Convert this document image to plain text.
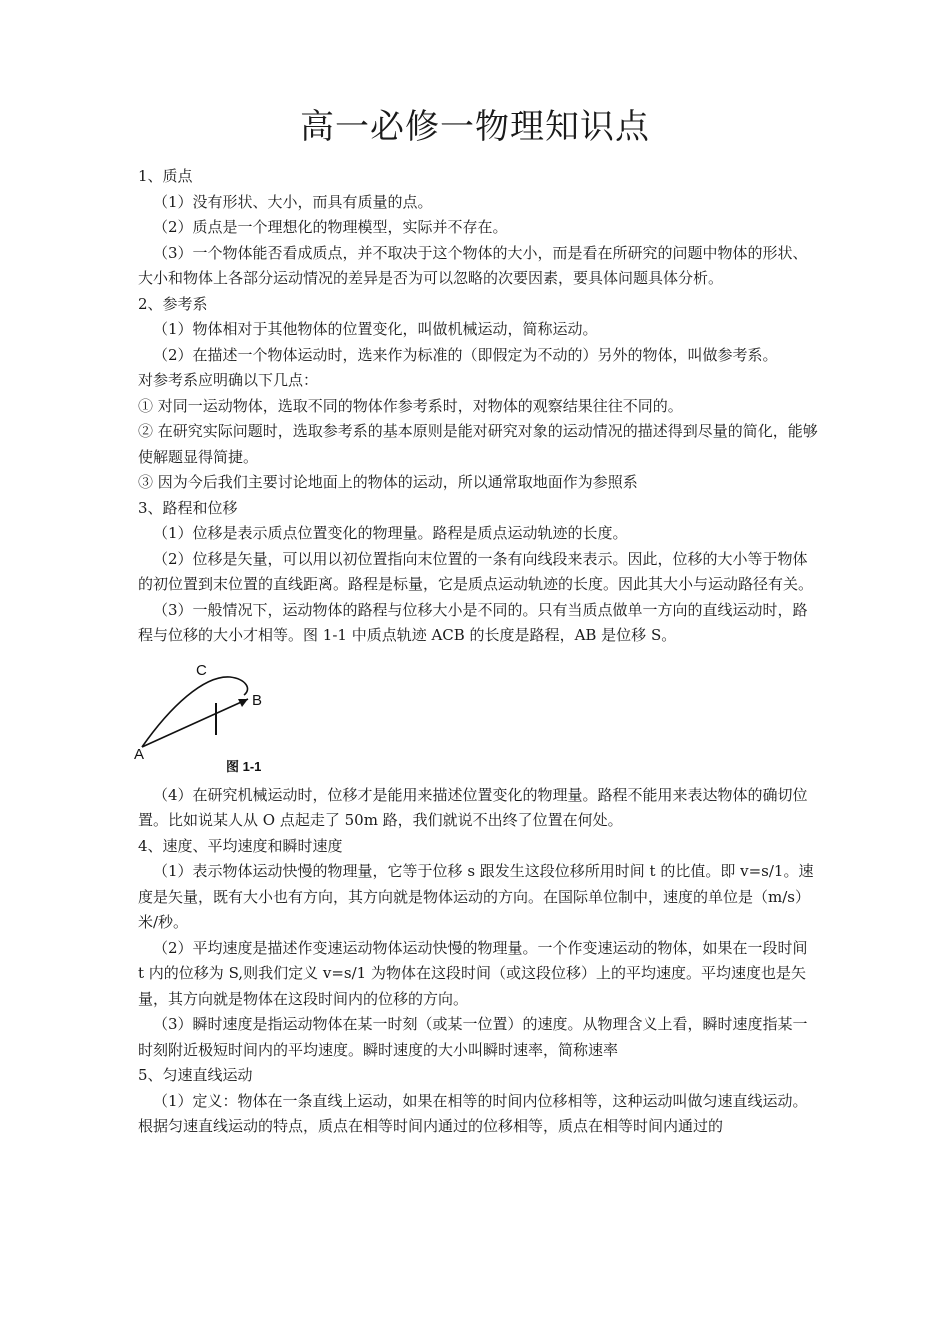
高一必修一物理知识点

1、质点

（1）没有形状、大小，而具有质量的点。

（2）质点是一个理想化的物理模型，实际并不存在。

（3）一个物体能否看成质点，并不取决于这个物体的大小，而是看在所研究的问题中物体的形状、大小和物体上各部分运动情况的差异是否为可以忽略的次要因素，要具体问题具体分析。

2、参考系

（1）物体相对于其他物体的位置变化，叫做机械运动，简称运动。

（2）在描述一个物体运动时，选来作为标准的（即假定为不动的）另外的物体，叫做参考系。

对参考系应明确以下几点：

① 对同一运动物体，选取不同的物体作参考系时，对物体的观察结果往往不同的。

② 在研究实际问题时，选取参考系的基本原则是能对研究对象的运动情况的描述得到尽量的简化，能够使解题显得简捷。

③ 因为今后我们主要讨论地面上的物体的运动，所以通常取地面作为参照系

3、路程和位移

（1）位移是表示质点位置变化的物理量。路程是质点运动轨迹的长度。

（2）位移是矢量，可以用以初位置指向末位置的一条有向线段来表示。因此，位移的大小等于物体的初位置到末位置的直线距离。路程是标量，它是质点运动轨迹的长度。因此其大小与运动路径有关。

（3）一般情况下，运动物体的路程与位移大小是不同的。只有当质点做单一方向的直线运动时，路程与位移的大小才相等。图 1-1 中质点轨迹 ACB 的长度是路程，AB 是位移 S。

A
B
C
图 1-1

（4）在研究机械运动时，位移才是能用来描述位置变化的物理量。路程不能用来表达物体的确切位置。比如说某人从 O 点起走了 50m 路，我们就说不出终了位置在何处。

4、速度、平均速度和瞬时速度

（1）表示物体运动快慢的物理量，它等于位移 s 跟发生这段位移所用时间 t 的比值。即 v=s/1。速度是矢量，既有大小也有方向，其方向就是物体运动的方向。在国际单位制中，速度的单位是（m/s）米/秒。

（2）平均速度是描述作变速运动物体运动快慢的物理量。一个作变速运动的物体，如果在一段时间 t 内的位移为 S,则我们定义 v=s/1 为物体在这段时间（或这段位移）上的平均速度。平均速度也是矢量，其方向就是物体在这段时间内的位移的方向。

（3）瞬时速度是指运动物体在某一时刻（或某一位置）的速度。从物理含义上看，瞬时速度指某一时刻附近极短时间内的平均速度。瞬时速度的大小叫瞬时速率，简称速率

5、匀速直线运动

（1）定义：物体在一条直线上运动，如果在相等的时间内位移相等，这种运动叫做匀速直线运动。

根据匀速直线运动的特点，质点在相等时间内通过的位移相等，质点在相等时间内通过的
